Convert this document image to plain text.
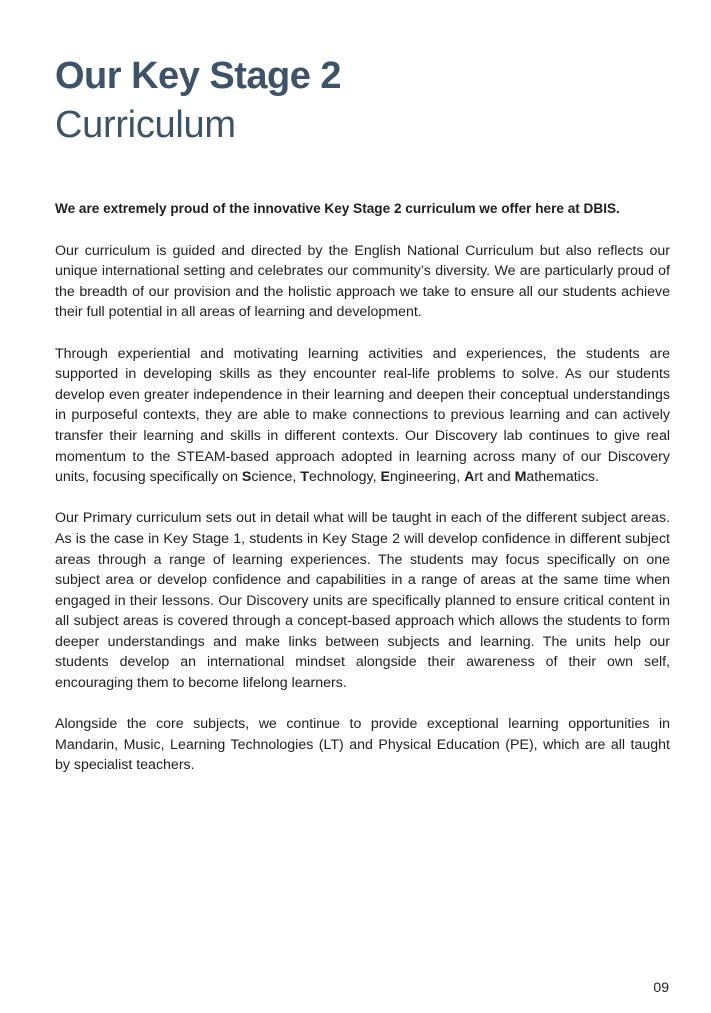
Our Key Stage 2
Curriculum

We are extremely proud of the innovative Key Stage 2 curriculum we offer here at DBIS.

Our curriculum is guided and directed by the English National Curriculum but also reflects our unique international setting and celebrates our community’s diversity. We are particularly proud of the breadth of our provision and the holistic approach we take to ensure all our students achieve their full potential in all areas of learning and development.

Through experiential and motivating learning activities and experiences, the students are supported in developing skills as they encounter real-life problems to solve. As our students develop even greater independence in their learning and deepen their conceptual understandings in purposeful contexts, they are able to make connections to previous learning and can actively transfer their learning and skills in different contexts. Our Discovery lab continues to give real momentum to the STEAM-based approach adopted in learning across many of our Discovery units, focusing specifically on Science, Technology, Engineering, Art and Mathematics.

Our Primary curriculum sets out in detail what will be taught in each of the different subject areas. As is the case in Key Stage 1, students in Key Stage 2 will develop confidence in different subject areas through a range of learning experiences. The students may focus specifically on one subject area or develop confidence and capabilities in a range of areas at the same time when engaged in their lessons. Our Discovery units are specifically planned to ensure critical content in all subject areas is covered through a concept-based approach which allows the students to form deeper understandings and make links between subjects and learning. The units help our students develop an international mindset alongside their awareness of their own self, encouraging them to become lifelong learners.

Alongside the core subjects, we continue to provide exceptional learning opportunities in Mandarin, Music, Learning Technologies (LT) and Physical Education (PE), which are all taught by specialist teachers.

09
